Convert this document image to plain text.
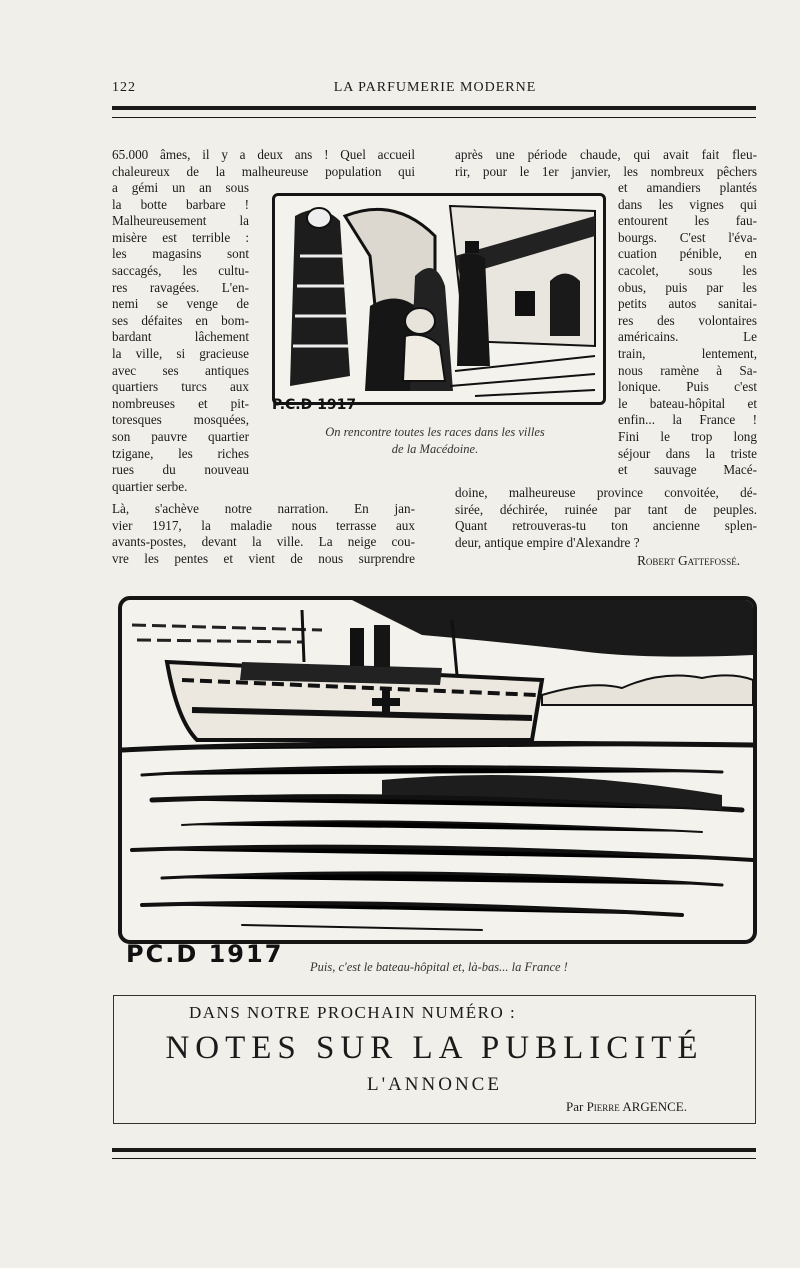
122	LA PARFUMERIE MODERNE
65.000 âmes, il y a deux ans ! Quel accueil
chaleureux de la malheureuse population qui
a gémi un an sous
la botte barbare !
Malheureusement la
misère est terrible :
les magasins sont
saccagés, les cultu-
res ravagées. L'en-
nemi se venge de
ses défaites en bom-
bardant lâchement
la ville, si gracieuse
avec ses antiques
quartiers turcs aux
nombreuses et pit-
toresques mosquées,
son pauvre quartier
tzigane, les riches
rues du nouveau
quartier serbe.
Là, s'achève notre narration. En jan-
vier 1917, la maladie nous terrasse aux
avants-postes, devant la ville. La neige cou-
vre les pentes et vient de nous surprendre
après une période chaude, qui avait fait fleu-
rir, pour le 1er janvier, les nombreux pêchers
et amandiers plantés
dans les vignes qui
entourent les fau-
bourgs. C'est l'éva-
cuation pénible, en
cacolet, sous les
obus, puis par les
petits autos sanitai-
res des volontaires
américains. Le
train, lentement,
nous ramène à Sa-
lonique. Puis c'est
le bateau-hôpital et
enfin... la France !
Fini le trop long
séjour dans la triste
et sauvage Macé-
doine, malheureuse province convoitée, dé-
sirée, déchirée, ruinée par tant de peuples.
Quant retrouveras-tu ton ancienne splen-
deur, antique empire d'Alexandre ?
Robert Gattefossé.
P.C.D 1917
On rencontre toutes les races dans les villes
de la Macédoine.
PC.D 1917 Puis, c'est le bateau-hôpital et, là-bas... la France !
DANS NOTRE PROCHAIN NUMÉRO :
NOTES SUR LA PUBLICITÉ
L'ANNONCE
Par Pierre ARGENCE.
